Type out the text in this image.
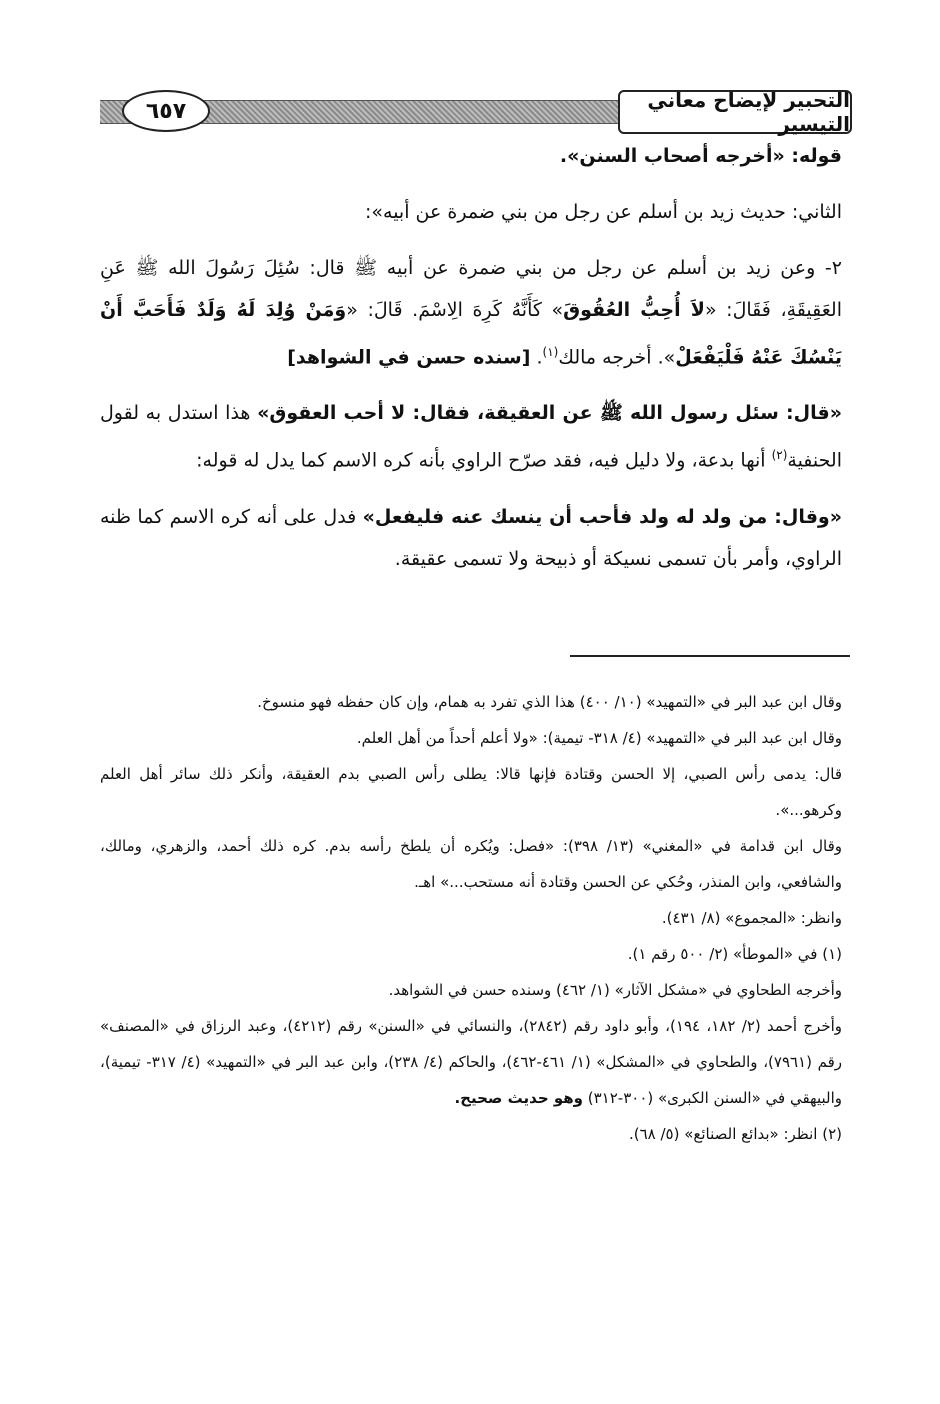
٦٥٧	التحبير لإيضاح معاني التيسير

قوله: «أخرجه أصحاب السنن».

الثاني: حديث زيد بن أسلم عن رجل من بني ضمرة عن أبيه»:

٢- وعن زيد بن أسلم عن رجل من بني ضمرة عن أبيه ﷺ قال: سُئِلَ رَسُولَ الله ﷺ عَنِ العَقِيقَةِ، فَقَالَ: «لاَ أُحِبُّ العُقُوقَ» كَأَنَّهُ كَرِهَ الِاسْمَ. قَالَ: «وَمَنْ وُلِدَ لَهُ وَلَدٌ فَأَحَبَّ أَنْ يَنْسُكَ عَنْهُ فَلْيَفْعَلْ». أخرجه مالك$^{(١)}$. [سنده حسن في الشواهد]

«قال: سئل رسول الله ﷺ عن العقيقة، فقال: لا أحب العقوق» هذا استدل به لقول الحنفية$^{(٢)}$ أنها بدعة، ولا دليل فيه، فقد صرّح الراوي بأنه كره الاسم كما يدل له قوله:

«وقال: من ولد له ولد فأحب أن ينسك عنه فليفعل» فدل على أنه كره الاسم كما ظنه الراوي، وأمر بأن تسمى نسيكة أو ذبيحة ولا تسمى عقيقة.

وقال ابن عبد البر في «التمهيد» (١٠/ ٤٠٠) هذا الذي تفرد به همام، وإن كان حفظه فهو منسوخ.

وقال ابن عبد البر في «التمهيد» (٤/ ٣١٨- تيمية): «ولا أعلم أحداً من أهل العلم.

قال: يدمى رأس الصبي، إلا الحسن وقتادة فإنها قالا: يطلى رأس الصبي بدم العقيقة، وأنكر ذلك سائر أهل العلم وكرهو...».

وقال ابن قدامة في «المغني» (١٣/ ٣٩٨): «فصل: ويُكره أن يلطخ رأسه بدم. كره ذلك أحمد، والزهري، ومالك، والشافعي، وابن المنذر، وحُكي عن الحسن وقتادة أنه مستحب...» اهـ.

وانظر: «المجموع» (٨/ ٤٣١).

(١) في «الموطأ» (٢/ ٥٠٠ رقم ١).

وأخرجه الطحاوي في «مشكل الآثار» (١/ ٤٦٢) وسنده حسن في الشواهد.

وأخرج أحمد (٢/ ١٨٢، ١٩٤)، وأبو داود رقم (٢٨٤٢)، والنسائي في «السنن» رقم (٤٢١٢)، وعبد الرزاق في «المصنف» رقم (٧٩٦١)، والطحاوي في «المشكل» (١/ ٤٦١-٤٦٢)، والحاكم (٤/ ٢٣٨)، وابن عبد البر في «التمهيد» (٤/ ٣١٧- تيمية)، والبيهقي في «السنن الكبرى» (٣٠٠-٣١٢) وهو حديث صحيح.

(٢) انظر: «بدائع الصنائع» (٥/ ٦٨).
